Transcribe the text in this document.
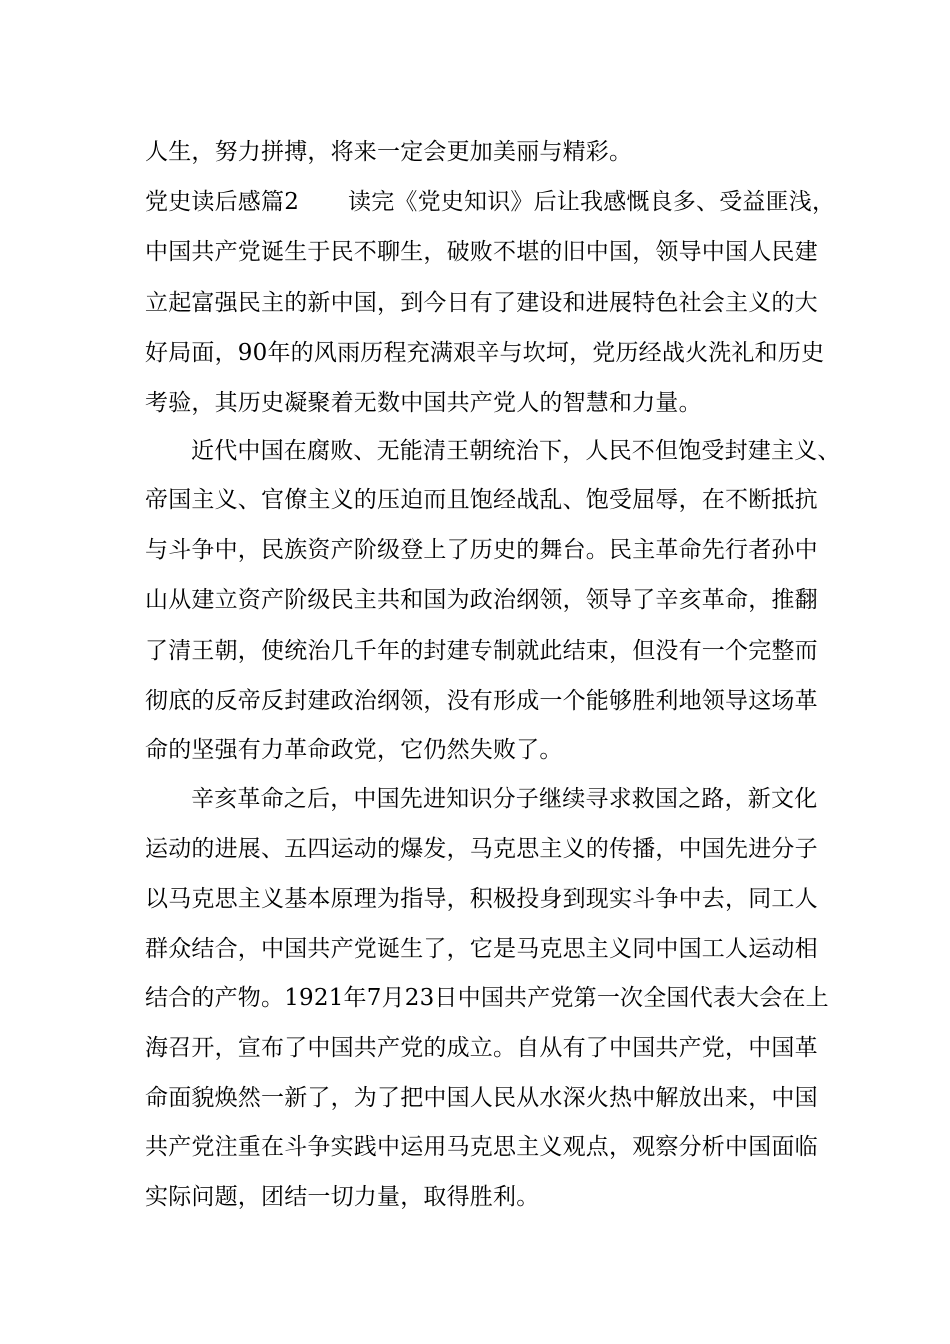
人生，努力拼搏，将来一定会更加美丽与精彩。
党史读后感篇2 读完《党史知识》后让我感慨良多、受益匪浅，
中国共产党诞生于民不聊生，破败不堪的旧中国，领导中国人民建
立起富强民主的新中国，到今日有了建设和进展特色社会主义的大
好局面，90年的风雨历程充满艰辛与坎坷，党历经战火洗礼和历史
考验，其历史凝聚着无数中国共产党人的智慧和力量。
近代中国在腐败、无能清王朝统治下，人民不但饱受封建主义、
帝国主义、官僚主义的压迫而且饱经战乱、饱受屈辱，在不断抵抗
与斗争中，民族资产阶级登上了历史的舞台。民主革命先行者孙中
山从建立资产阶级民主共和国为政治纲领，领导了辛亥革命，推翻
了清王朝，使统治几千年的封建专制就此结束，但没有一个完整而
彻底的反帝反封建政治纲领，没有形成一个能够胜利地领导这场革
命的坚强有力革命政党，它仍然失败了。
辛亥革命之后，中国先进知识分子继续寻求救国之路，新文化
运动的进展、五四运动的爆发，马克思主义的传播，中国先进分子
以马克思主义基本原理为指导，积极投身到现实斗争中去，同工人
群众结合，中国共产党诞生了，它是马克思主义同中国工人运动相
结合的产物。1921年7月23日中国共产党第一次全国代表大会在上
海召开，宣布了中国共产党的成立。自从有了中国共产党，中国革
命面貌焕然一新了，为了把中国人民从水深火热中解放出来，中国
共产党注重在斗争实践中运用马克思主义观点，观察分析中国面临
实际问题，团结一切力量，取得胜利。
